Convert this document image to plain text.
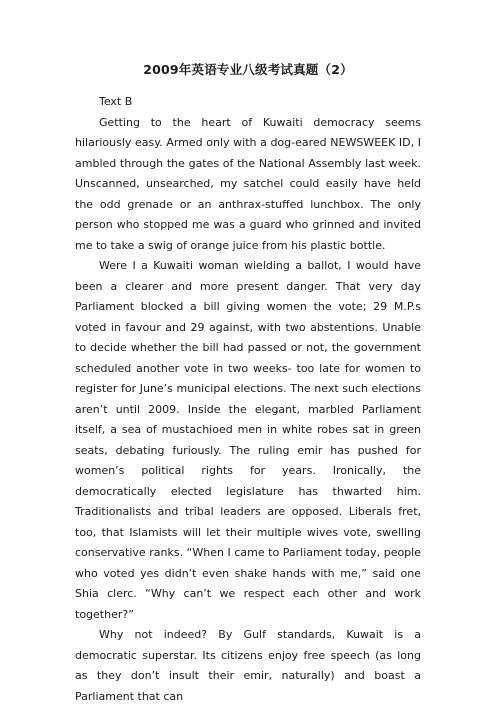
2009年英语专业八级考试真题（2）

Text B

Getting to the heart of Kuwaiti democracy seems hilariously easy. Armed only with a dog-eared NEWSWEEK ID, I ambled through the gates of the National Assembly last week. Unscanned, unsearched, my satchel could easily have held the odd grenade or an anthrax-stuffed lunchbox. The only person who stopped me was a guard who grinned and invited me to take a swig of orange juice from his plastic bottle.

Were I a Kuwaiti woman wielding a ballot, I would have been a clearer and more present danger. That very day Parliament blocked a bill giving women the vote; 29 M.P.s voted in favour and 29 against, with two abstentions. Unable to decide whether the bill had passed or not, the government scheduled another vote in two weeks- too late for women to register for June’s municipal elections. The next such elections aren’t until 2009. Inside the elegant, marbled Parliament itself, a sea of mustachioed men in white robes sat in green seats, debating furiously. The ruling emir has pushed for women’s political rights for years. Ironically, the democratically elected legislature has thwarted him. Traditionalists and tribal leaders are opposed. Liberals fret, too, that Islamists will let their multiple wives vote, swelling conservative ranks. “When I came to Parliament today, people who voted yes didn’t even shake hands with me,” said one Shia clerc. “Why can’t we respect each other and work together?”

Why not indeed? By Gulf standards, Kuwait is a democratic superstar. Its citizens enjoy free speech (as long as they don’t insult their emir, naturally) and boast a Parliament that can
